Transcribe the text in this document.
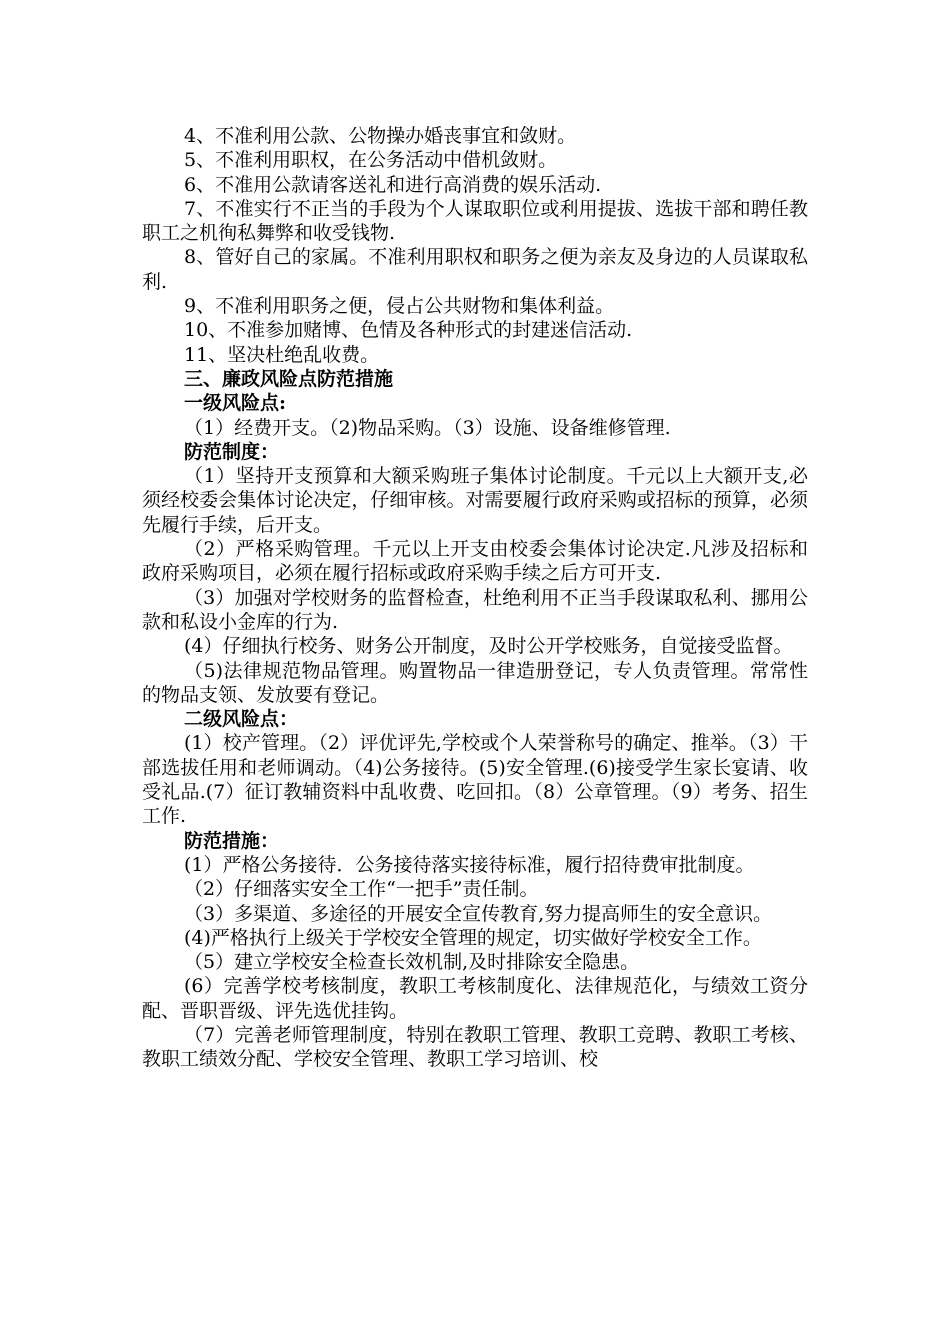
4、不准利用公款、公物操办婚丧事宜和敛财。

5、不准利用职权，在公务活动中借机敛财。

6、不准用公款请客送礼和进行高消费的娱乐活动.

7、不准实行不正当的手段为个人谋取职位或利用提拔、选拔干部和聘任教职工之机徇私舞弊和收受钱物.

8、管好自己的家属。不准利用职权和职务之便为亲友及身边的人员谋取私利.

9、不准利用职务之便，侵占公共财物和集体利益。

10、不准参加赌博、色情及各种形式的封建迷信活动.

11、坚决杜绝乱收费。

三、廉政风险点防范措施

一级风险点:

（1）经费开支。（2)物品采购。（3）设施、设备维修管理.

防范制度：

（1）坚持开支预算和大额采购班子集体讨论制度。千元以上大额开支,必须经校委会集体讨论决定，仔细审核。对需要履行政府采购或招标的预算，必须先履行手续，后开支。

（2）严格采购管理。千元以上开支由校委会集体讨论决定.凡涉及招标和政府采购项目，必须在履行招标或政府采购手续之后方可开支.

（3）加强对学校财务的监督检查，杜绝利用不正当手段谋取私利、挪用公款和私设小金库的行为.

(4）仔细执行校务、财务公开制度，及时公开学校账务，自觉接受监督。

（5)法律规范物品管理。购置物品一律造册登记，专人负责管理。常常性的物品支领、发放要有登记。

二级风险点：

(1）校产管理。（2）评优评先,学校或个人荣誉称号的确定、推举。（3）干部选拔任用和老师调动。（4)公务接待。(5)安全管理.(6)接受学生家长宴请、收受礼品.(7）征订教辅资料中乱收费、吃回扣。（8）公章管理。（9）考务、招生工作.

防范措施：

(1）严格公务接待．公务接待落实接待标准，履行招待费审批制度。

（2）仔细落实安全工作“一把手”责任制。

（3）多渠道、多途径的开展安全宣传教育,努力提高师生的安全意识。

(4)严格执行上级关于学校安全管理的规定，切实做好学校安全工作。

（5）建立学校安全检查长效机制,及时排除安全隐患。

(6）完善学校考核制度，教职工考核制度化、法律规范化，与绩效工资分配、晋职晋级、评先选优挂钩。

（7）完善老师管理制度，特别在教职工管理、教职工竞聘、教职工考核、教职工绩效分配、学校安全管理、教职工学习培训、校
